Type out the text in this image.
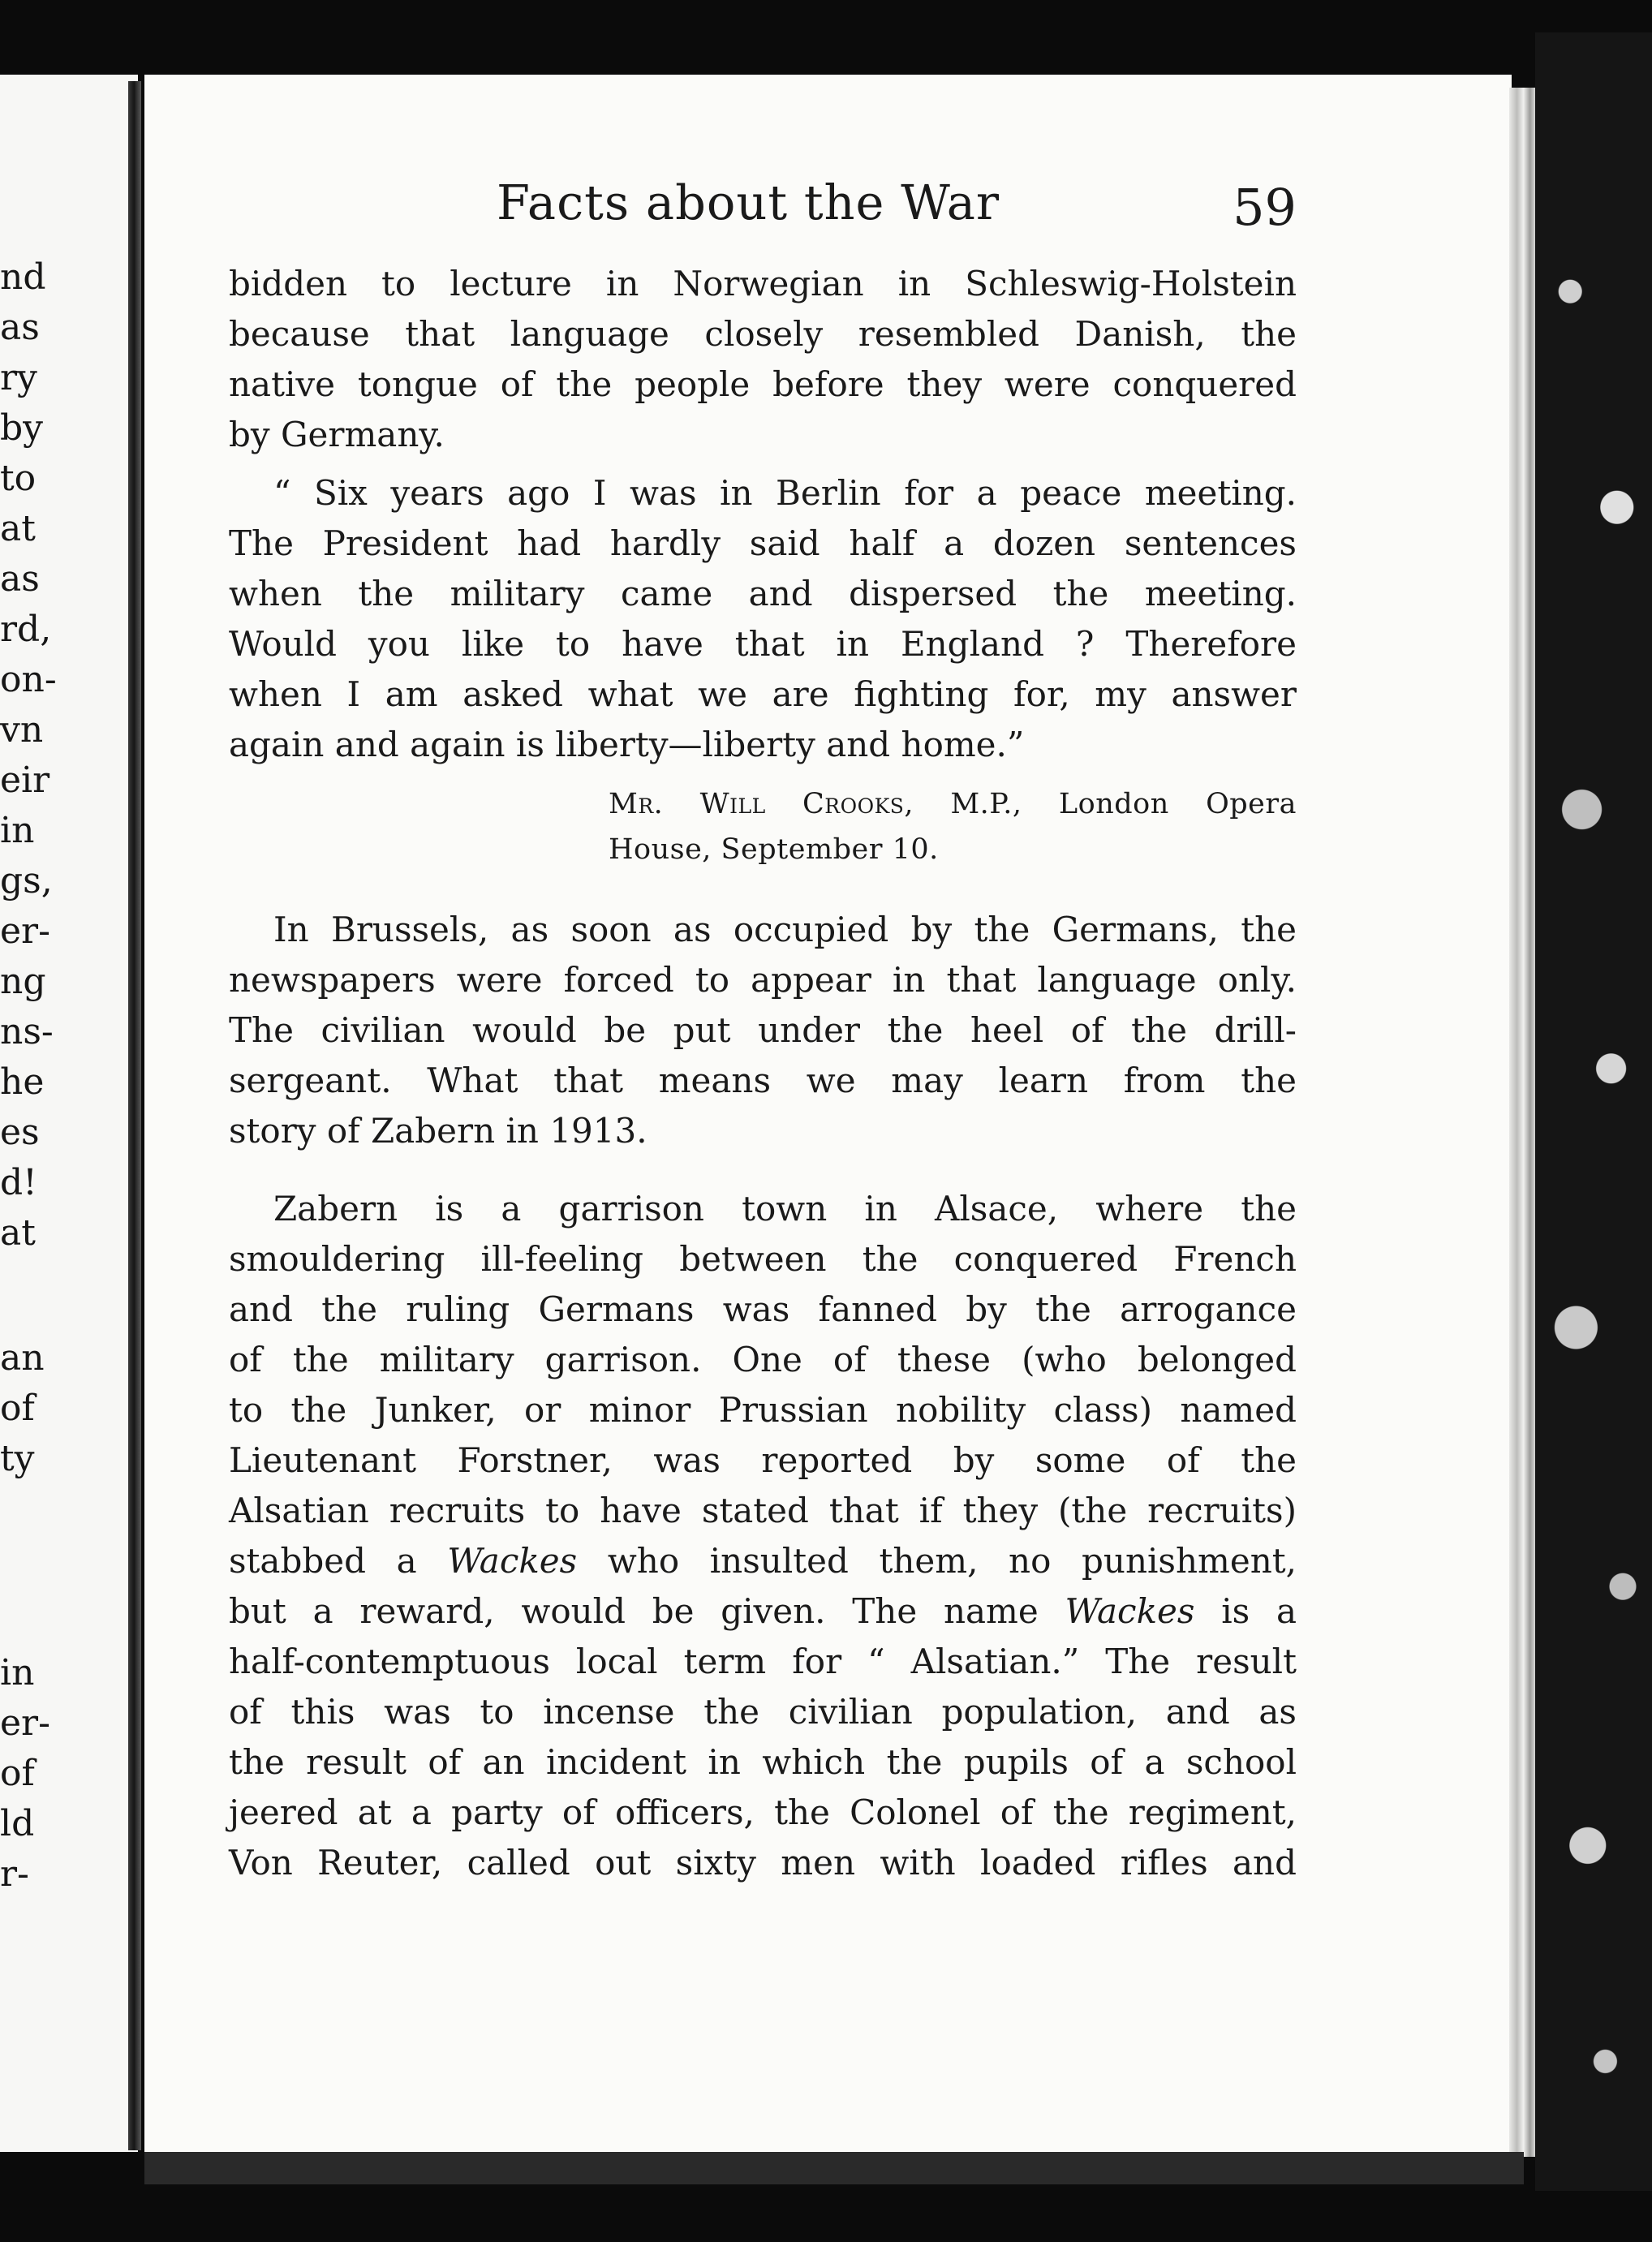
nd
as
ry
by
to
at
as
rd,
on-
vn
eir
in
gs,
er-
ng
ns-
he
es
d!
at
an
of
ty
in
er-
of
ld
r-
Facts about the War	59
bidden to lecture in Norwegian in Schleswig-Holstein
because that language closely resembled Danish, the
native tongue of the people before they were conquered
by Germany.
“ Six years ago I was in Berlin for a peace meeting.
The President had hardly said half a dozen sentences
when the military came and dispersed the meeting.
Would you like to have that in England ? Therefore
when I am asked what we are fighting for, my answer
again and again is liberty—liberty and home.”
Mr. Will Crooks, M.P., London Opera
House, September 10.
In Brussels, as soon as occupied by the Germans, the
newspapers were forced to appear in that language only.
The civilian would be put under the heel of the drill-
sergeant. What that means we may learn from the
story of Zabern in 1913.
Zabern is a garrison town in Alsace, where the
smouldering ill-feeling between the conquered French
and the ruling Germans was fanned by the arrogance
of the military garrison. One of these (who belonged
to the Junker, or minor Prussian nobility class) named
Lieutenant Forstner, was reported by some of the
Alsatian recruits to have stated that if they (the recruits)
stabbed a Wackes who insulted them, no punishment,
but a reward, would be given. The name Wackes is a
half-contemptuous local term for “ Alsatian.” The result
of this was to incense the civilian population, and as
the result of an incident in which the pupils of a school
jeered at a party of officers, the Colonel of the regiment,
Von Reuter, called out sixty men with loaded rifles and
